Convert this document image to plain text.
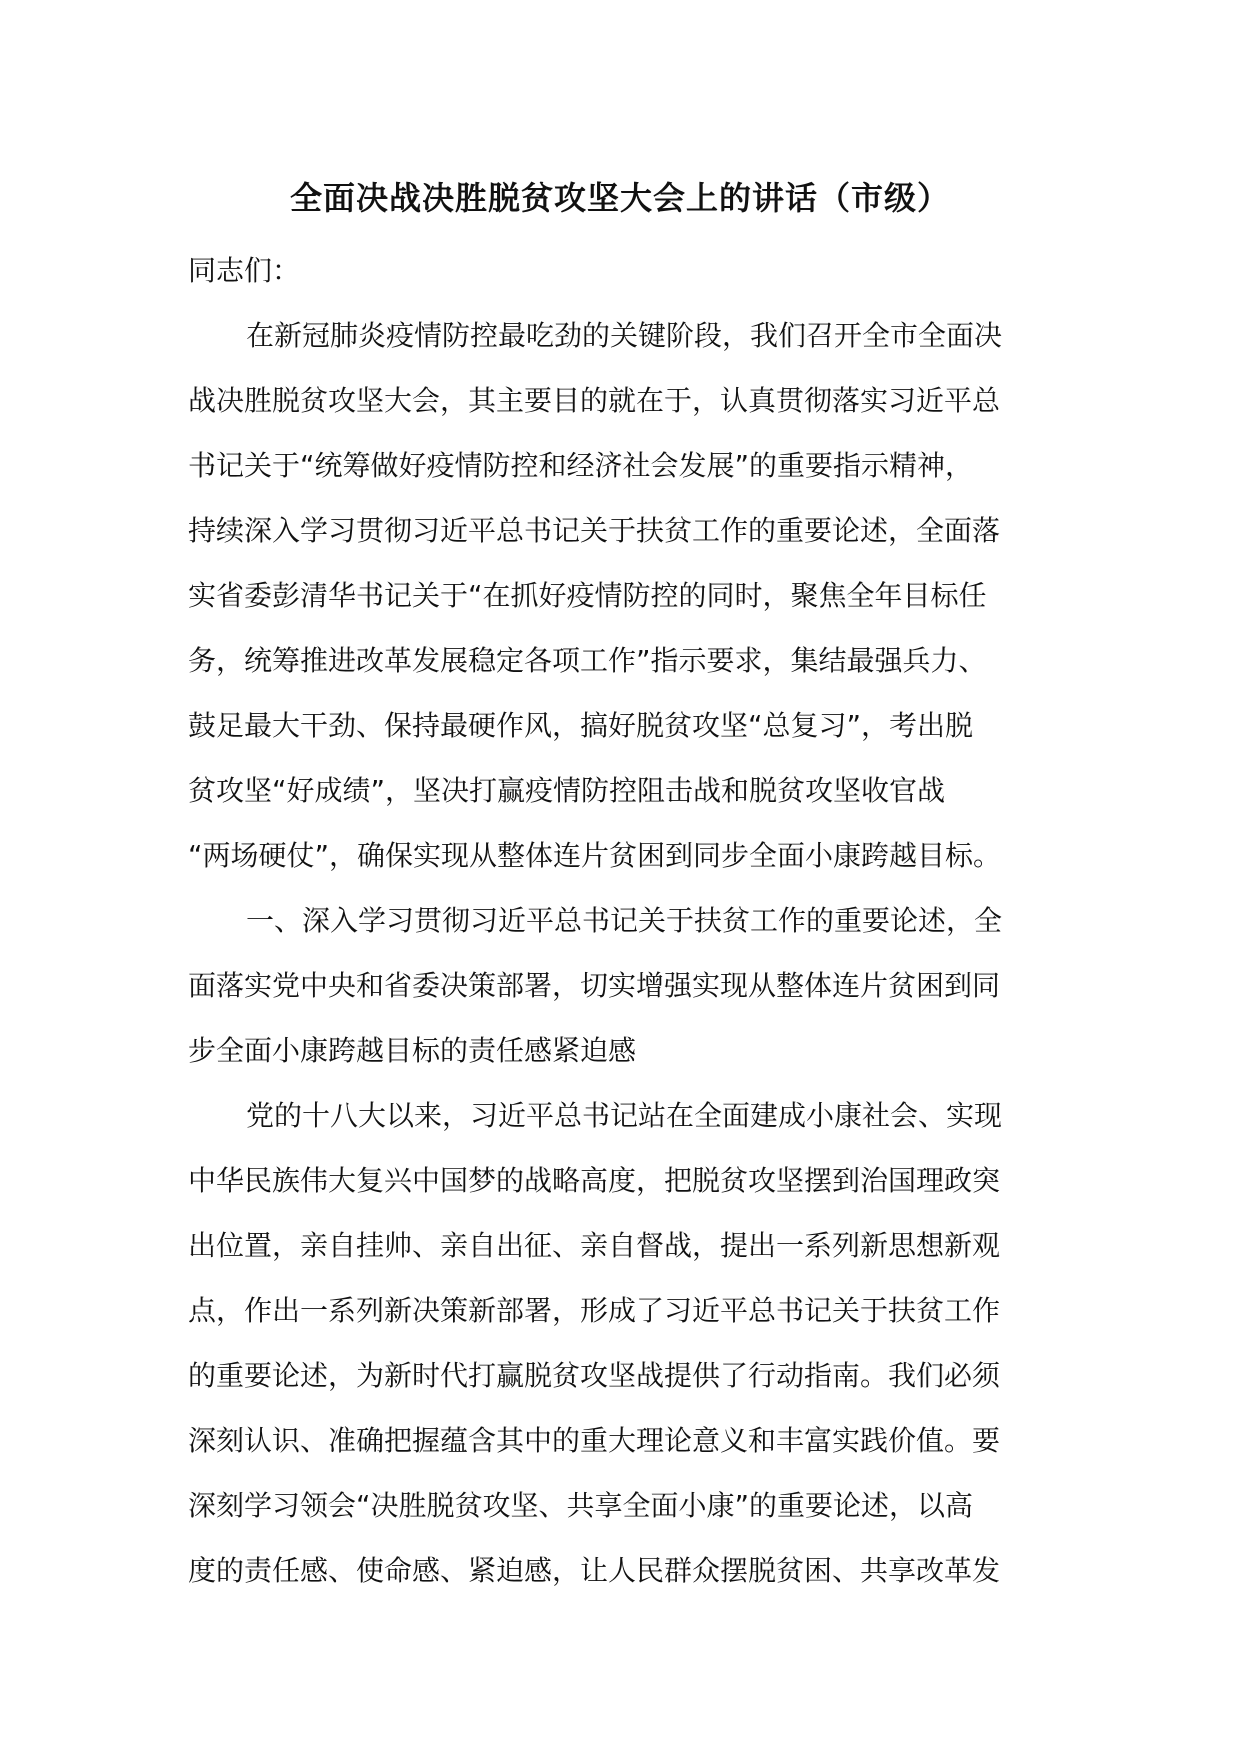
全面决战决胜脱贫攻坚大会上的讲话（市级）
同志们：
在新冠肺炎疫情防控最吃劲的关键阶段，我们召开全市全面决
战决胜脱贫攻坚大会，其主要目的就在于，认真贯彻落实习近平总
书记关于“统筹做好疫情防控和经济社会发展”的重要指示精神，
持续深入学习贯彻习近平总书记关于扶贫工作的重要论述，全面落
实省委彭清华书记关于“在抓好疫情防控的同时，聚焦全年目标任
务，统筹推进改革发展稳定各项工作”指示要求，集结最强兵力、
鼓足最大干劲、保持最硬作风，搞好脱贫攻坚“总复习”，考出脱
贫攻坚“好成绩”，坚决打赢疫情防控阻击战和脱贫攻坚收官战
“两场硬仗”，确保实现从整体连片贫困到同步全面小康跨越目标。
一、深入学习贯彻习近平总书记关于扶贫工作的重要论述，全
面落实党中央和省委决策部署，切实增强实现从整体连片贫困到同
步全面小康跨越目标的责任感紧迫感
党的十八大以来，习近平总书记站在全面建成小康社会、实现
中华民族伟大复兴中国梦的战略高度，把脱贫攻坚摆到治国理政突
出位置，亲自挂帅、亲自出征、亲自督战，提出一系列新思想新观
点，作出一系列新决策新部署，形成了习近平总书记关于扶贫工作
的重要论述，为新时代打赢脱贫攻坚战提供了行动指南。我们必须
深刻认识、准确把握蕴含其中的重大理论意义和丰富实践价值。要
深刻学习领会“决胜脱贫攻坚、共享全面小康”的重要论述，以高
度的责任感、使命感、紧迫感，让人民群众摆脱贫困、共享改革发
